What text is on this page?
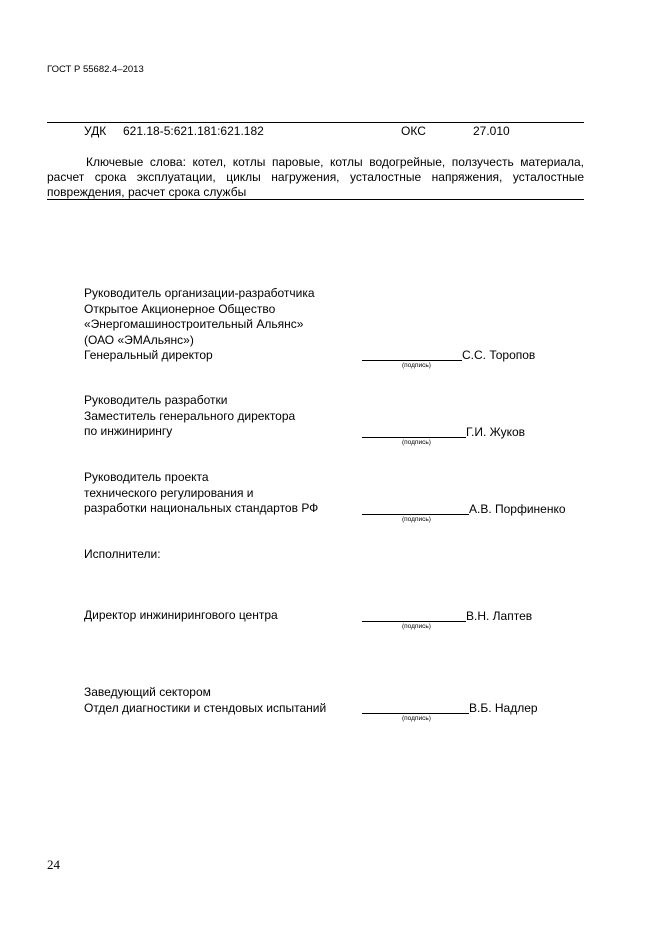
ГОСТ Р 55682.4–2013
УДК 621.18-5:621.181:621.182	ОКС	27.010
Ключевые слова: котел, котлы паровые, котлы водогрейные, ползучесть материала, расчет срока эксплуатации, циклы нагружения, усталостные напряжения, усталостные повреждения, расчет срока службы
Руководитель организации-разработчика
Открытое Акционерное Общество
«Энергомашиностроительный Альянс»
(ОАО «ЭМАльянс»)
Генеральный директор
(подпись)
С.С. Торопов
Руководитель разработки
Заместитель генерального директора
по инжинирингу
(подпись)
Г.И. Жуков
Руководитель проекта
технического регулирования и
разработки национальных стандартов РФ
(подпись)
А.В. Порфиненко
Исполнители:
Директор инжинирингового центра
(подпись)
В.Н. Лаптев
Заведующий сектором
Отдел диагностики и стендовых испытаний
(подпись)
В.Б. Надлер
24
